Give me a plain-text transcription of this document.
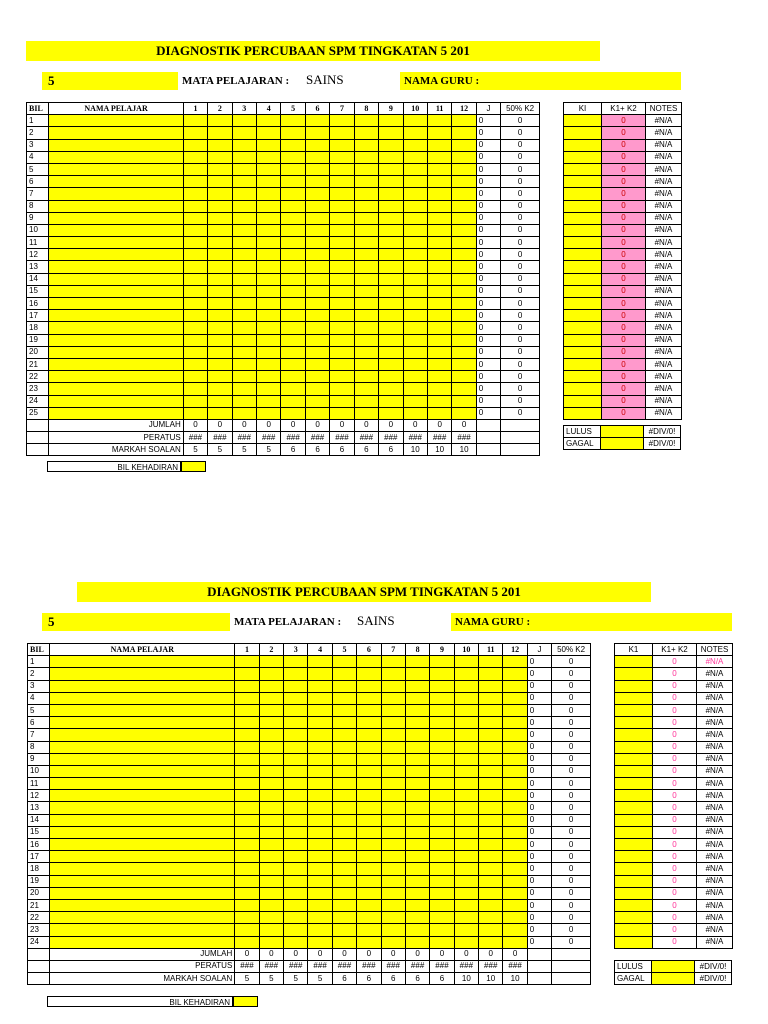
DIAGNOSTIK PERCUBAAN SPM TINGKATAN 5 201
5	MATA PELAJARAN : SAINS	NAMA GURU :
BIL	NAMA PELAJAR	1	2	3	4	5	6	7	8	9	10	11	12	J	50% K2
1														0	0
2														0	0
3														0	0
4														0	0
5														0	0
6														0	0
7														0	0
8														0	0
9														0	0
10														0	0
11														0	0
12														0	0
13														0	0
14														0	0
15														0	0
16														0	0
17														0	0
18														0	0
19														0	0
20														0	0
21														0	0
22														0	0
23														0	0
24														0	0
25														0	0
	JUMLAH	0	0	0	0	0	0	0	0	0	0	0	0		
	PERATUS	###	###	###	###	###	###	###	###	###	###	###	###		
	MARKAH SOALAN	5	5	5	5	6	6	6	6	6	10	10	10		
KI	K1+ K2	NOTES
	0	#N/A
	0	#N/A
	0	#N/A
	0	#N/A
	0	#N/A
	0	#N/A
	0	#N/A
	0	#N/A
	0	#N/A
	0	#N/A
	0	#N/A
	0	#N/A
	0	#N/A
	0	#N/A
	0	#N/A
	0	#N/A
	0	#N/A
	0	#N/A
	0	#N/A
	0	#N/A
	0	#N/A
	0	#N/A
	0	#N/A
	0	#N/A
	0	#N/A
LULUS		#DIV/0!
GAGAL		#DIV/0!
BIL KEHADIRAN
DIAGNOSTIK PERCUBAAN SPM TINGKATAN 5 201
5	MATA PELAJARAN : SAINS	NAMA GURU :
BIL	NAMA PELAJAR	1	2	3	4	5	6	7	8	9	10	11	12	J	50% K2
1														0	0
2														0	0
3														0	0
4														0	0
5														0	0
6														0	0
7														0	0
8														0	0
9														0	0
10														0	0
11														0	0
12														0	0
13														0	0
14														0	0
15														0	0
16														0	0
17														0	0
18														0	0
19														0	0
20														0	0
21														0	0
22														0	0
23														0	0
24														0	0
	JUMLAH	0	0	0	0	0	0	0	0	0	0	0	0		
	PERATUS	###	###	###	###	###	###	###	###	###	###	###	###		
	MARKAH SOALAN	5	5	5	5	6	6	6	6	6	10	10	10		
K1	K1+ K2	NOTES
	0	#N/A
	0	#N/A
	0	#N/A
	0	#N/A
	0	#N/A
	0	#N/A
	0	#N/A
	0	#N/A
	0	#N/A
	0	#N/A
	0	#N/A
	0	#N/A
	0	#N/A
	0	#N/A
	0	#N/A
	0	#N/A
	0	#N/A
	0	#N/A
	0	#N/A
	0	#N/A
	0	#N/A
	0	#N/A
	0	#N/A
	0	#N/A
LULUS		#DIV/0!
GAGAL		#DIV/0!
BIL KEHADIRAN
